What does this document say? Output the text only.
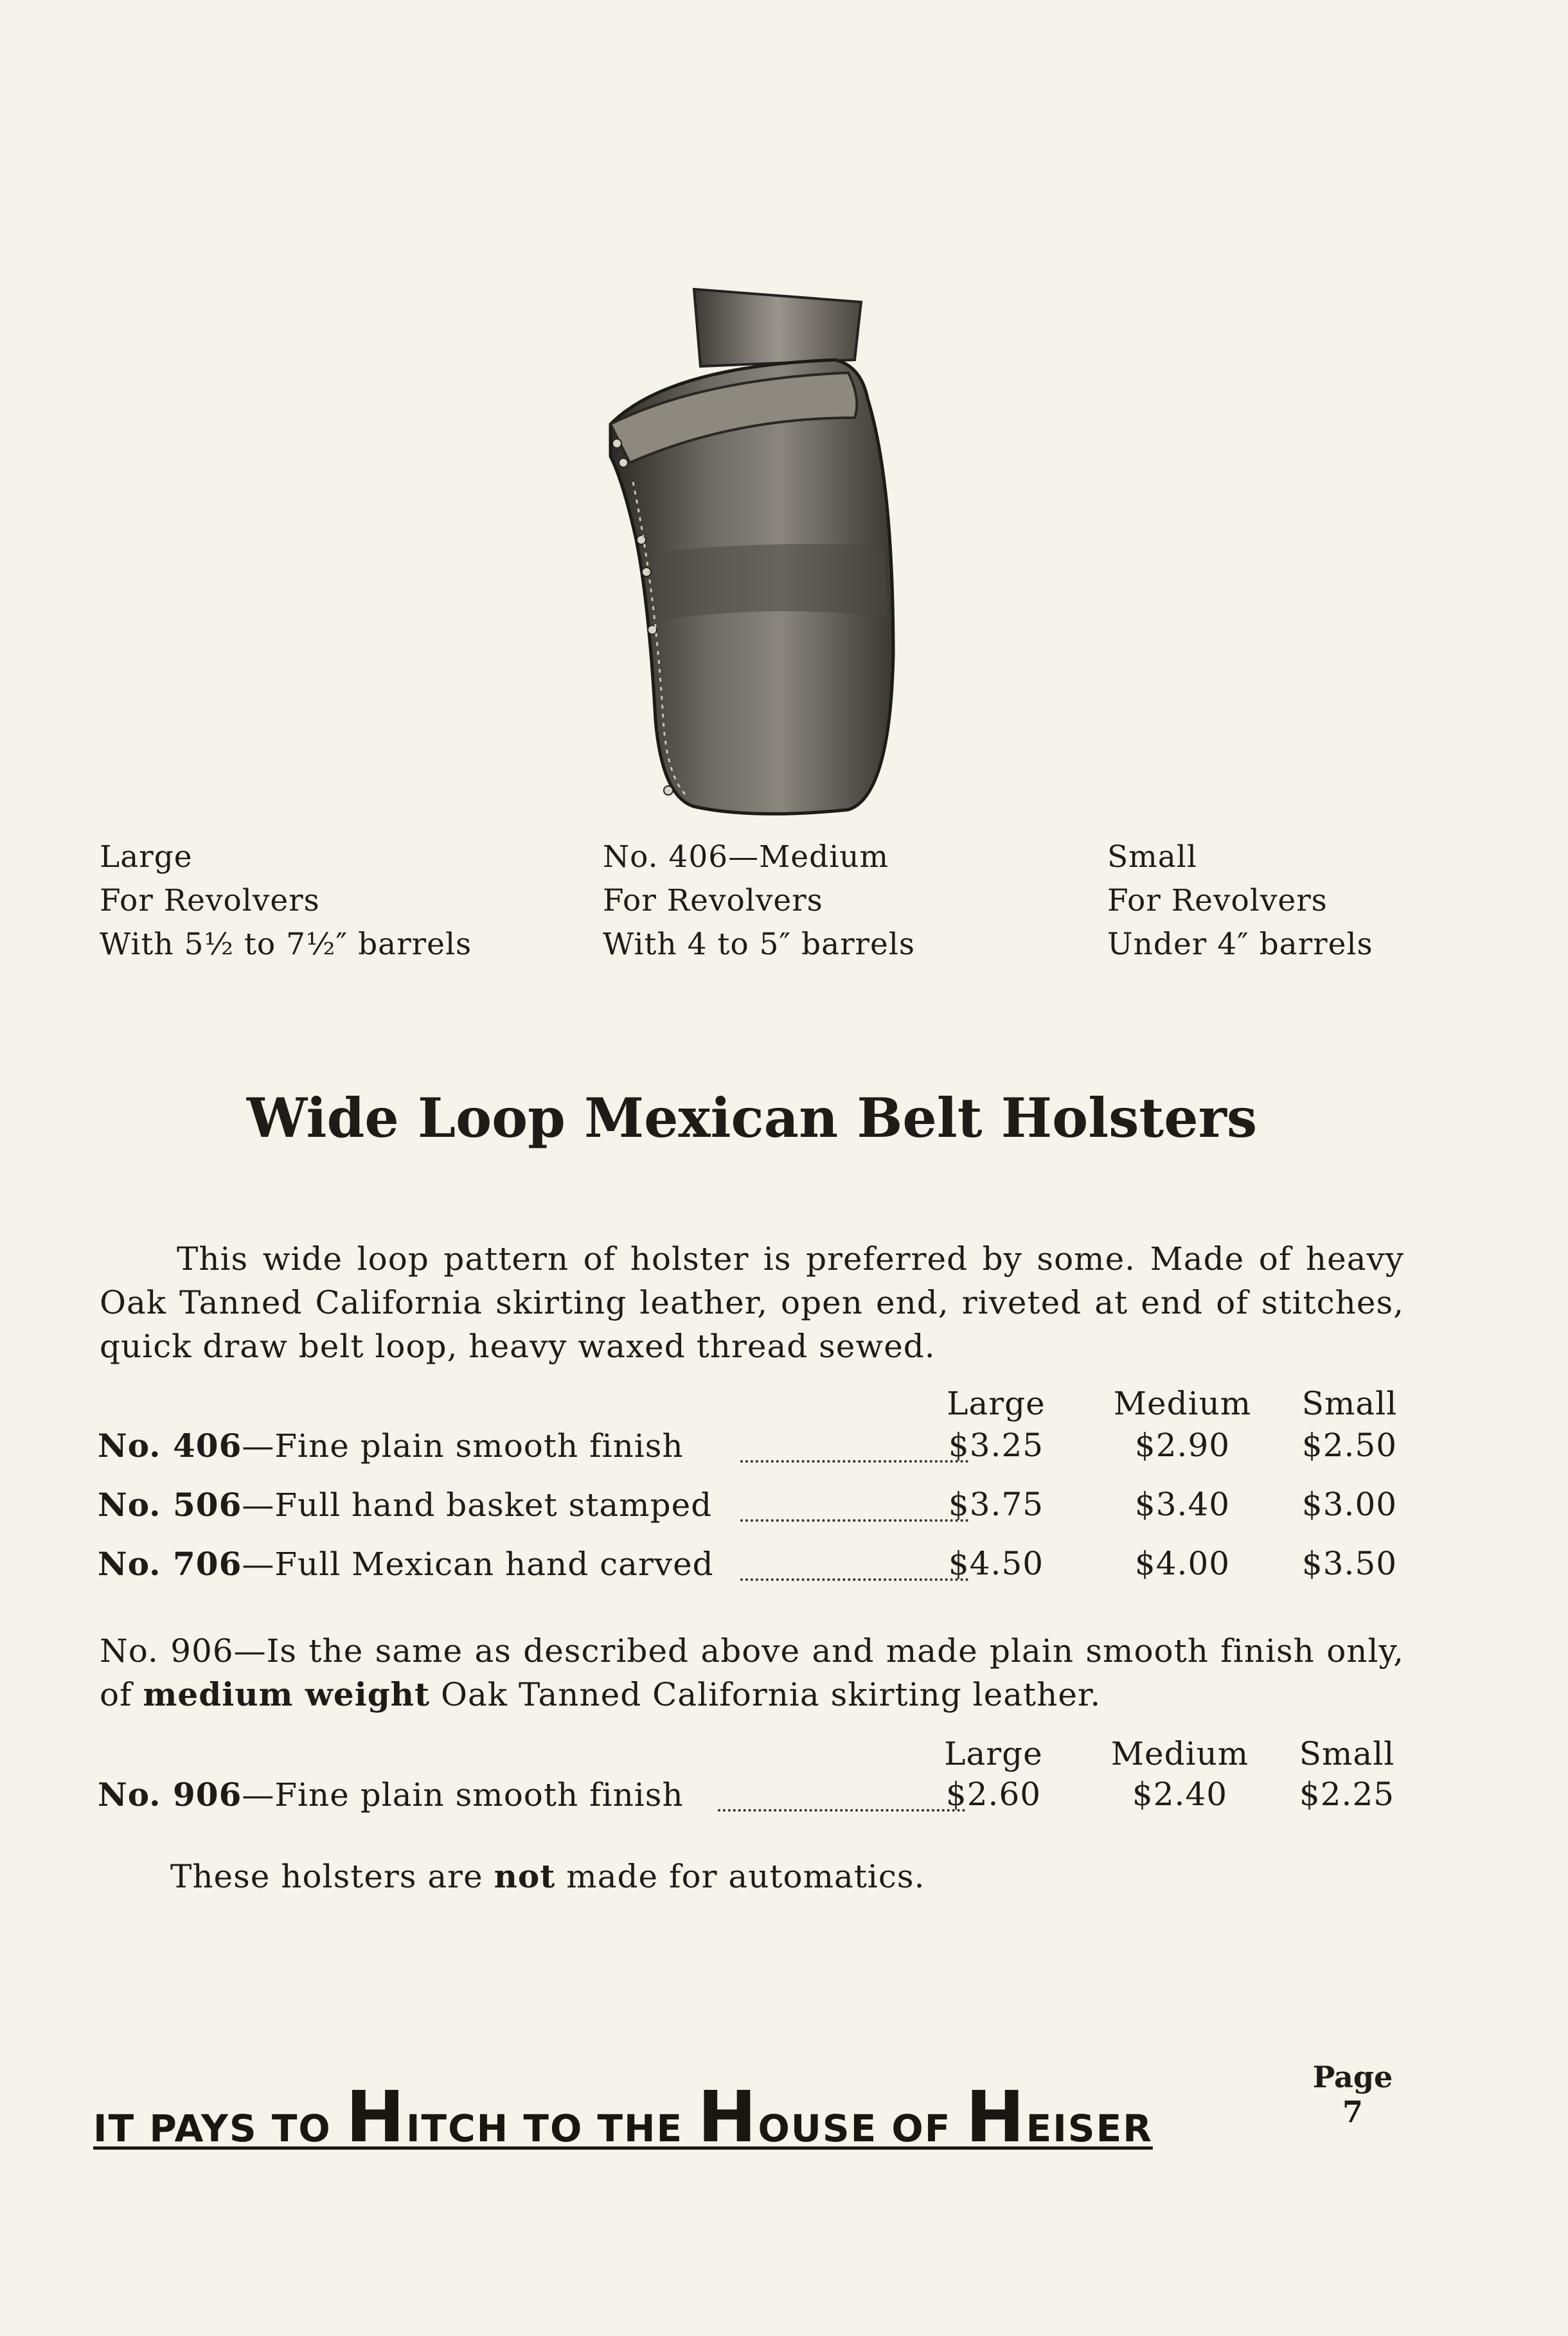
Large
For Revolvers
With 5½ to 7½″ barrels
No. 406—Medium
For Revolvers
With 4 to 5″ barrels
Small
For Revolvers
Under 4″ barrels
Wide Loop Mexican Belt Holsters
This wide loop pattern of holster is preferred by some. Made of heavy Oak Tanned California skirting leather, open end, riveted at end of stitches, quick draw belt loop, heavy waxed thread sewed.
Large	Medium	Small
No. 406—Fine plain smooth finish	$3.25	$2.90	$2.50
No. 506—Full hand basket stamped	$3.75	$3.40	$3.00
No. 706—Full Mexican hand carved	$4.50	$4.00	$3.50
No. 906—Is the same as described above and made plain smooth finish only, of medium weight Oak Tanned California skirting leather.
Large	Medium	Small
No. 906—Fine plain smooth finish	$2.60	$2.40	$2.25
These holsters are not made for automatics.
IT PAYS TO HITCH TO THE HOUSE OF HEISER
Page
7
